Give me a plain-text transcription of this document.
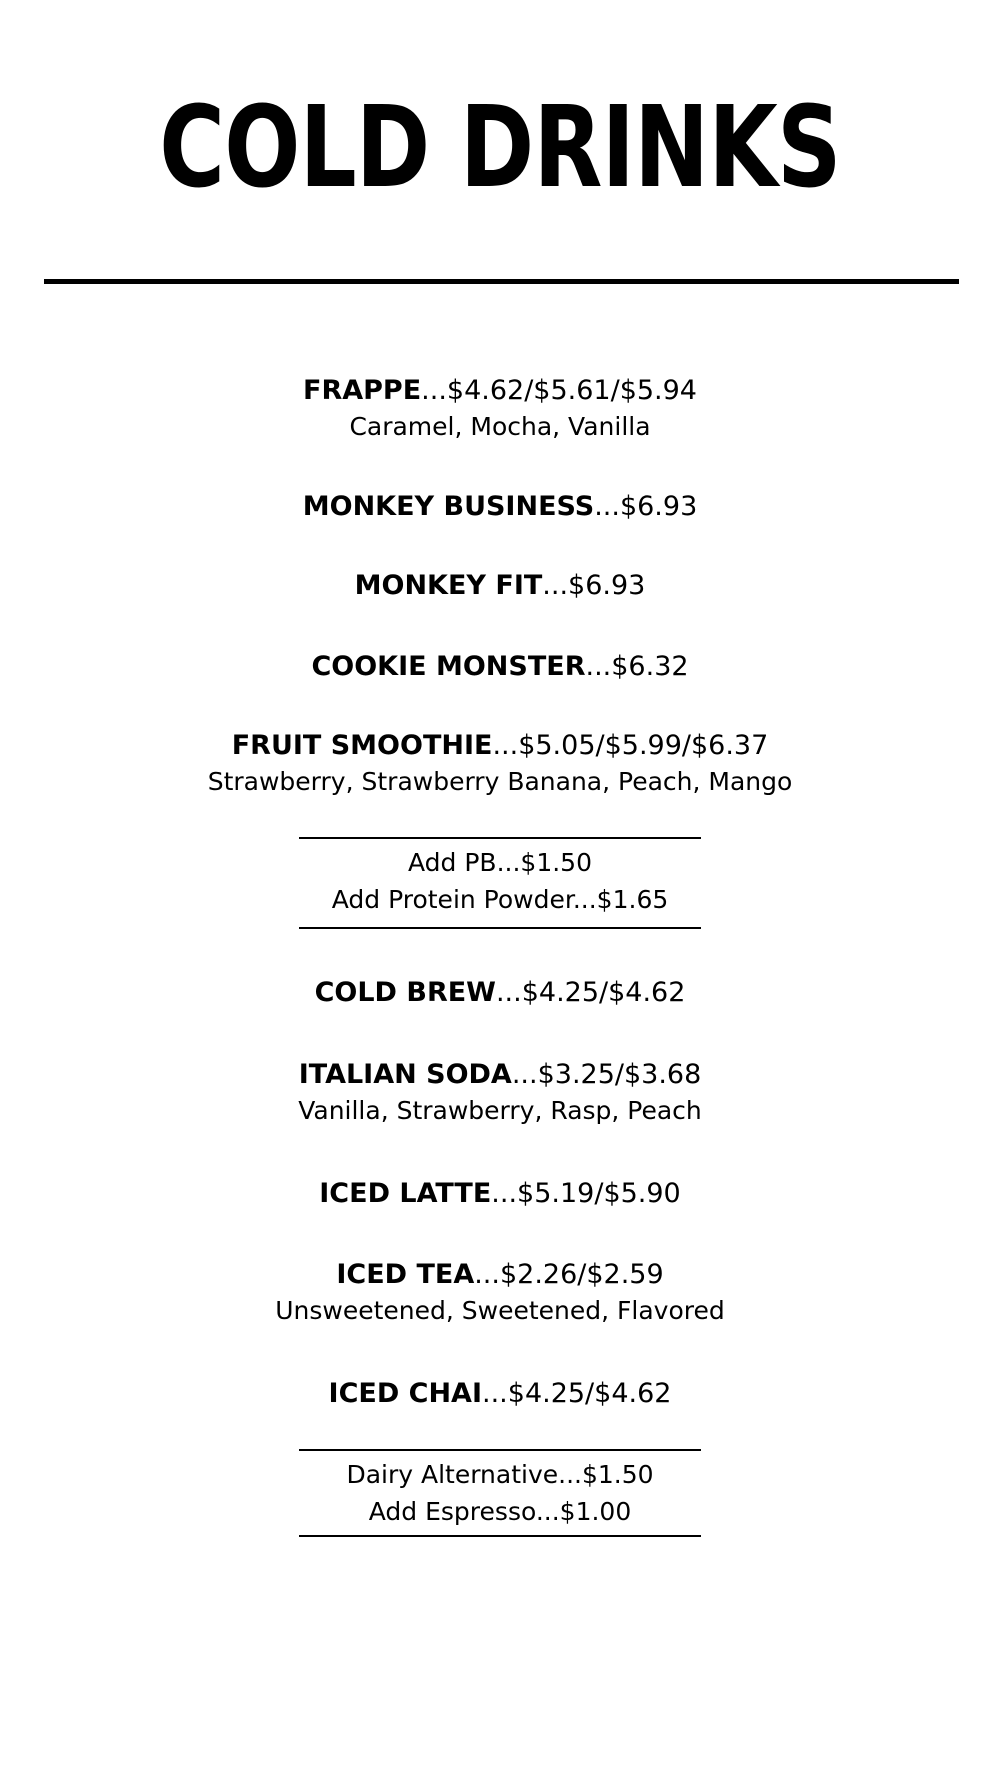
COLD DRINKS
FRAPPE...$4.62/$5.61/$5.94
Caramel, Mocha, Vanilla
MONKEY BUSINESS...$6.93
MONKEY FIT...$6.93
COOKIE MONSTER...$6.32
FRUIT SMOOTHIE...$5.05/$5.99/$6.37
Strawberry, Strawberry Banana, Peach, Mango
Add PB...$1.50
Add Protein Powder...$1.65
COLD BREW...$4.25/$4.62
ITALIAN SODA...$3.25/$3.68
Vanilla, Strawberry, Rasp, Peach
ICED LATTE...$5.19/$5.90
ICED TEA...$2.26/$2.59
Unsweetened, Sweetened, Flavored
ICED CHAI...$4.25/$4.62
Dairy Alternative...$1.50
Add Espresso...$1.00
